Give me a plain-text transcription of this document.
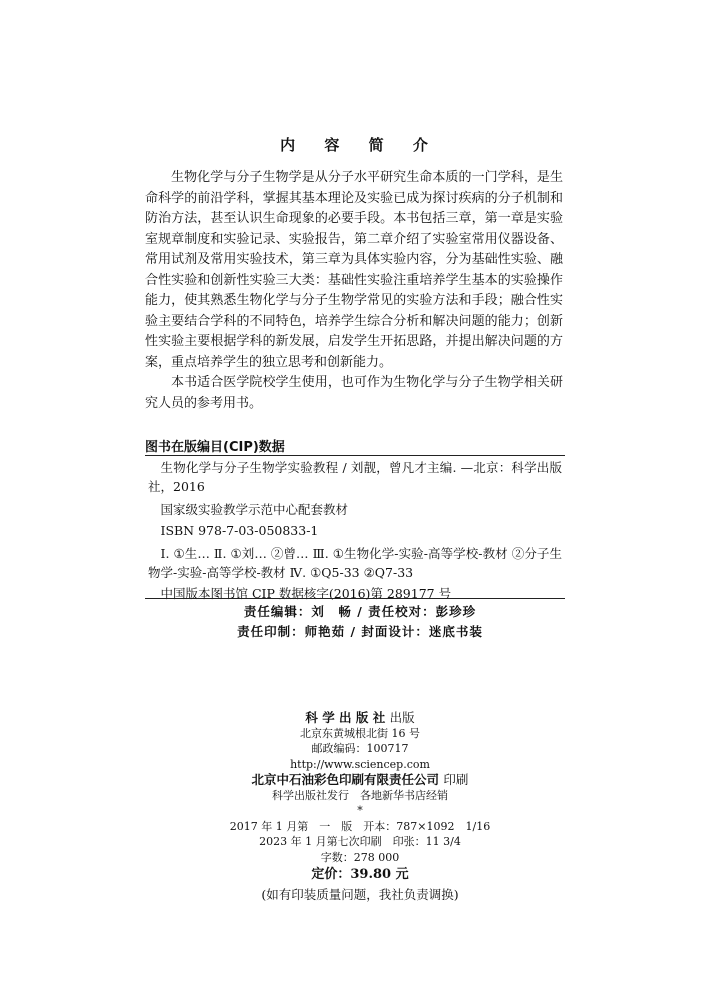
内 容 简 介

生物化学与分子生物学是从分子水平研究生命本质的一门学科，是生命科学的前沿学科，掌握其基本理论及实验已成为探讨疾病的分子机制和防治方法，甚至认识生命现象的必要手段。本书包括三章，第一章是实验室规章制度和实验记录、实验报告，第二章介绍了实验室常用仪器设备、常用试剂及常用实验技术，第三章为具体实验内容，分为基础性实验、融合性实验和创新性实验三大类：基础性实验注重培养学生基本的实验操作能力，使其熟悉生物化学与分子生物学常见的实验方法和手段；融合性实验主要结合学科的不同特色，培养学生综合分析和解决问题的能力；创新性实验主要根据学科的新发展，启发学生开拓思路，并提出解决问题的方案，重点培养学生的独立思考和创新能力。

本书适合医学院校学生使用，也可作为生物化学与分子生物学相关研究人员的参考用书。

图书在版编目(CIP)数据
生物化学与分子生物学实验教程 / 刘靓，曾凡才主编. —北京：科学出版社，2016
国家级实验教学示范中心配套教材
ISBN 978-7-03-050833-1
Ⅰ. ①生… Ⅱ. ①刘… ②曾… Ⅲ. ①生物化学-实验-高等学校-教材 ②分子生物学-实验-高等学校-教材 Ⅳ. ①Q5-33 ②Q7-33
中国版本图书馆 CIP 数据核字(2016)第 289177 号
责任编辑：刘　畅 / 责任校对：彭珍珍
责任印制：师艳茹 / 封面设计：迷底书装
科 学 出 版 社 出版
北京东黄城根北街 16 号
邮政编码：100717
http://www.sciencep.com
北京中石油彩色印刷有限责任公司 印刷
科学出版社发行　各地新华书店经销
*
2017 年 1 月第　一　版　开本：787×1092　1/16
2023 年 1 月第七次印刷　印张：11 3/4
字数：278 000
定价：39.80 元
(如有印装质量问题，我社负责调换)
